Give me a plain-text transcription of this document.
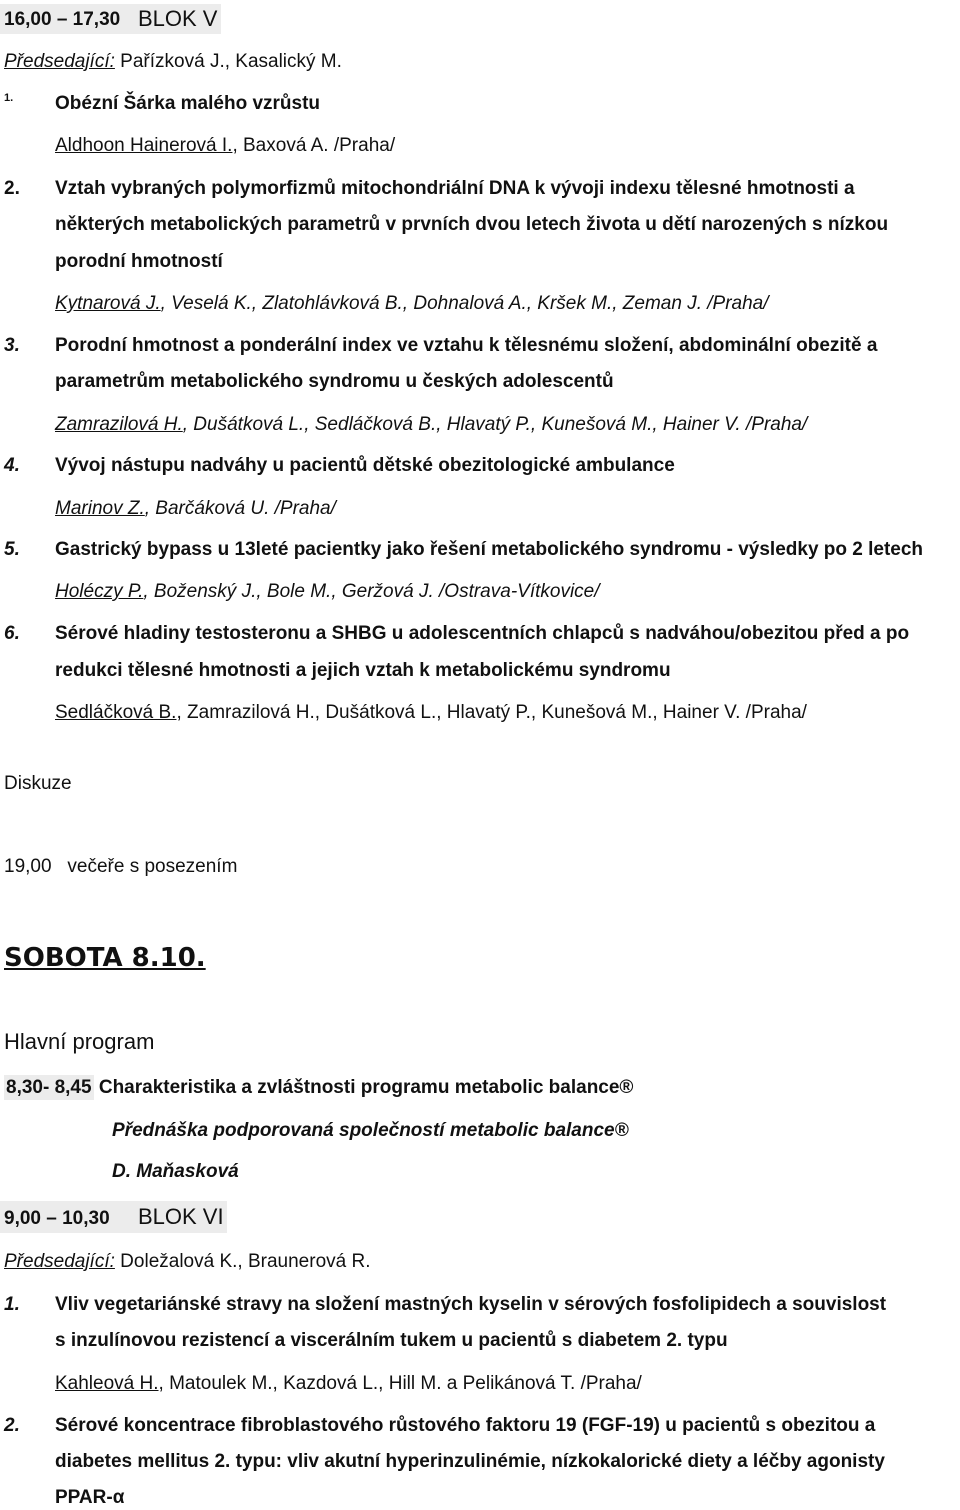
16,00 – 17,30 BLOK V
Předsedající: Pařízková J., Kasalický M.
1. Obézní Šárka malého vzrůstu
Aldhoon Hainerová I., Baxová A. /Praha/
2. Vztah vybraných polymorfizmů mitochondriální DNA k vývoji indexu tělesné hmotnosti a
některých metabolických parametrů v prvních dvou letech života u dětí narozených s nízkou
porodní hmotností
Kytnarová J., Veselá K., Zlatohlávková B., Dohnalová A., Kršek M., Zeman J. /Praha/
3. Porodní hmotnost a ponderální index ve vztahu k tělesnému složení, abdominální obezitě a
parametrům metabolického syndromu u českých adolescentů
Zamrazilová H., Dušátková L., Sedláčková B., Hlavatý P., Kunešová M., Hainer V. /Praha/
4. Vývoj nástupu nadváhy u pacientů dětské obezitologické ambulance
Marinov Z., Barčáková U. /Praha/
5. Gastrický bypass u 13leté pacientky jako řešení metabolického syndromu - výsledky po 2 letech
Holéczy P., Boženský J., Bole M., Geržová J. /Ostrava-Vítkovice/
6. Sérové hladiny testosteronu a SHBG u adolescentních chlapců s nadváhou/obezitou před a po
redukci tělesné hmotnosti a jejich vztah k metabolickému syndromu
Sedláčková B., Zamrazilová H., Dušátková L., Hlavatý P., Kunešová M., Hainer V. /Praha/
Diskuze
19,00   večeře s posezením
SOBOTA 8.10.
Hlavní program
8,30- 8,45 Charakteristika a zvláštnosti programu metabolic balance®
Přednáška podporovaná společností metabolic balance®
D. Maňasková
9,00 – 10,30 BLOK VI
Předsedající: Doležalová K., Braunerová R.
1. Vliv vegetariánské stravy na složení mastných kyselin v sérových fosfolipidech a souvislost
s inzulínovou rezistencí a viscerálním tukem u pacientů s diabetem 2. typu
Kahleová H., Matoulek M., Kazdová L., Hill M. a Pelikánová T. /Praha/
2. Sérové koncentrace fibroblastového růstového faktoru 19 (FGF-19) u pacientů s obezitou a
diabetes mellitus 2. typu: vliv akutní hyperinzulinémie, nízkokalorické diety a léčby agonisty
PPAR-α
